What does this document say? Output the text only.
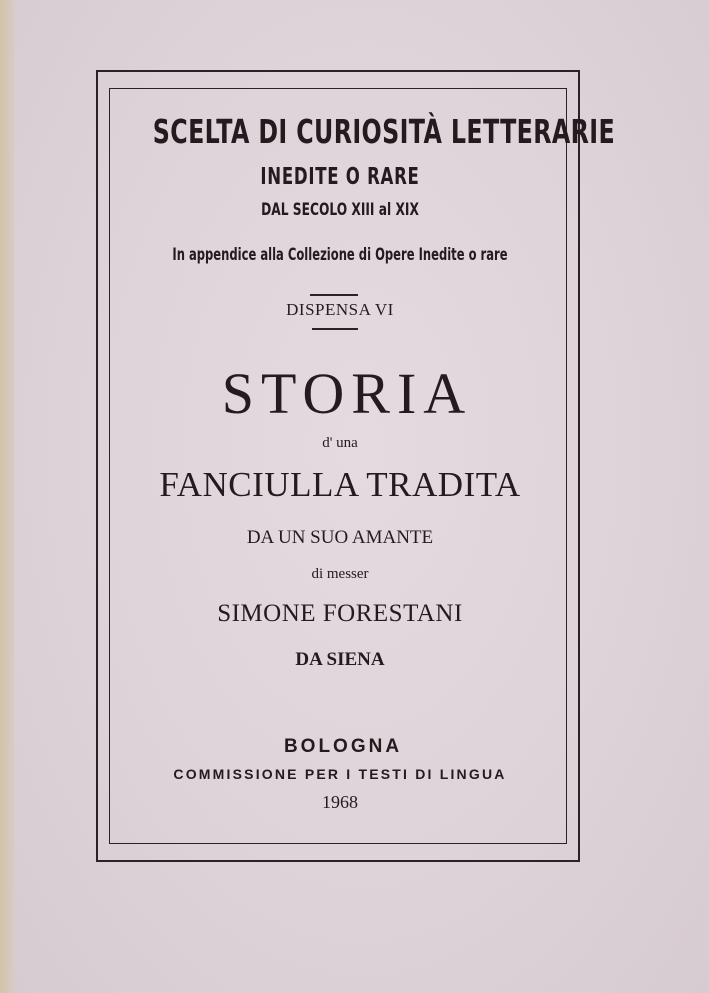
SCELTA DI CURIOSITÀ LETTERARIE
INEDITE O RARE
DAL SECOLO XIII al XIX
In appendice alla Collezione di Opere Inedite o rare
DISPENSA VI
STORIA
d' una
FANCIULLA TRADITA
DA UN SUO AMANTE
di messer
SIMONE FORESTANI
DA SIENA
BOLOGNA
COMMISSIONE PER I TESTI DI LINGUA
1968
